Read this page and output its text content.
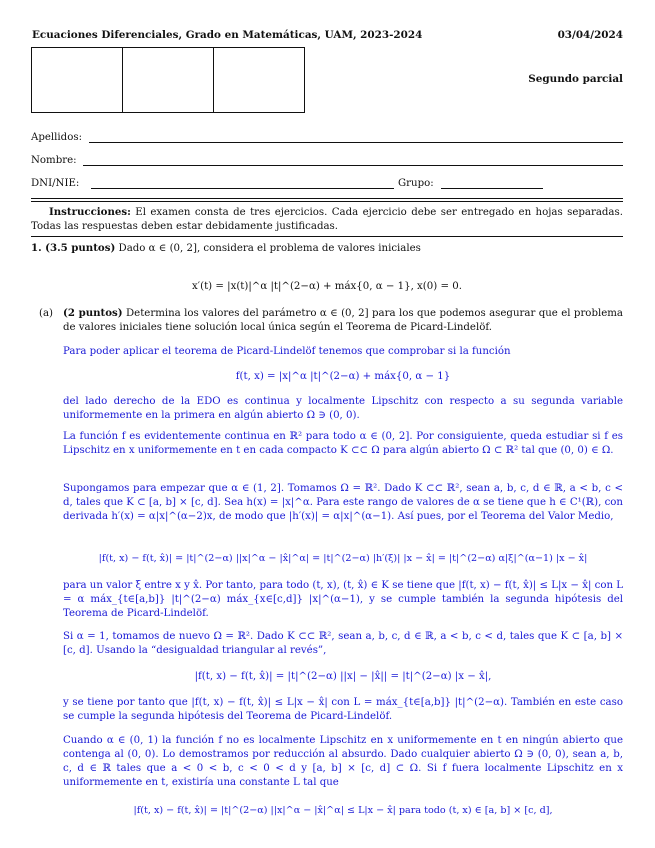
Ecuaciones Diferenciales, Grado en Matemáticas, UAM, 2023-2024	03/04/2024
Segundo parcial
Apellidos:
Nombre:
DNI/NIE:	Grupo:
Instrucciones: El examen consta de tres ejercicios. Cada ejercicio debe ser entregado en hojas separadas. Todas las respuestas deben estar debidamente justificadas.
1. (3.5 puntos) Dado α ∈ (0, 2], considera el problema de valores iniciales
x′(t) = |x(t)|^α |t|^(2−α) + máx{0, α − 1}, x(0) = 0.
(a) (2 puntos) Determina los valores del parámetro α ∈ (0, 2] para los que podemos asegurar que el problema de valores iniciales tiene solución local única según el Teorema de Picard-Lindelöf.
Para poder aplicar el teorema de Picard-Lindelöf tenemos que comprobar si la función
f(t, x) = |x|^α |t|^(2−α) + máx{0, α − 1}
del lado derecho de la EDO es continua y localmente Lipschitz con respecto a su segunda variable uniformemente en la primera en algún abierto Ω ∋ (0, 0).
La función f es evidentemente continua en ℝ² para todo α ∈ (0, 2]. Por consiguiente, queda estudiar si f es Lipschitz en x uniformemente en t en cada compacto K ⊂⊂ Ω para algún abierto Ω ⊂ ℝ² tal que (0, 0) ∈ Ω.
Supongamos para empezar que α ∈ (1, 2]. Tomamos Ω = ℝ². Dado K ⊂⊂ ℝ², sean a, b, c, d ∈ ℝ, a < b, c < d, tales que K ⊂ [a, b] × [c, d]. Sea h(x) = |x|^α. Para este rango de valores de α se tiene que h ∈ C¹(ℝ), con derivada h′(x) = α|x|^(α−2)x, de modo que |h′(x)| = α|x|^(α−1). Así pues, por el Teorema del Valor Medio,
|f(t, x) − f(t, x̂)| = |t|^(2−α) ||x|^α − |x̂|^α| = |t|^(2−α) |h′(ξ)| |x − x̂| = |t|^(2−α) α|ξ|^(α−1) |x − x̂|
para un valor ξ entre x y x̂. Por tanto, para todo (t, x), (t, x̂) ∈ K se tiene que |f(t, x) − f(t, x̂)| ≤ L|x − x̂| con L = α máx_{t∈[a,b]} |t|^(2−α) máx_{x∈[c,d]} |x|^(α−1), y se cumple también la segunda hipótesis del Teorema de Picard-Lindelöf.
Si α = 1, tomamos de nuevo Ω = ℝ². Dado K ⊂⊂ ℝ², sean a, b, c, d ∈ ℝ, a < b, c < d, tales que K ⊂ [a, b] × [c, d]. Usando la “desigualdad triangular al revés”,
|f(t, x) − f(t, x̂)| = |t|^(2−α) ||x| − |x̂|| = |t|^(2−α) |x − x̂|,
y se tiene por tanto que |f(t, x) − f(t, x̂)| ≤ L|x − x̂| con L = máx_{t∈[a,b]} |t|^(2−α). También en este caso se cumple la segunda hipótesis del Teorema de Picard-Lindelöf.
Cuando α ∈ (0, 1) la función f no es localmente Lipschitz en x uniformemente en t en ningún abierto que contenga al (0, 0). Lo demostramos por reducción al absurdo. Dado cualquier abierto Ω ∋ (0, 0), sean a, b, c, d ∈ ℝ tales que a < 0 < b, c < 0 < d y [a, b] × [c, d] ⊂ Ω. Si f fuera localmente Lipschitz en x uniformemente en t, existiría una constante L tal que
|f(t, x) − f(t, x̂)| = |t|^(2−α) ||x|^α − |x̂|^α| ≤ L|x − x̂| para todo (t, x) ∈ [a, b] × [c, d],
